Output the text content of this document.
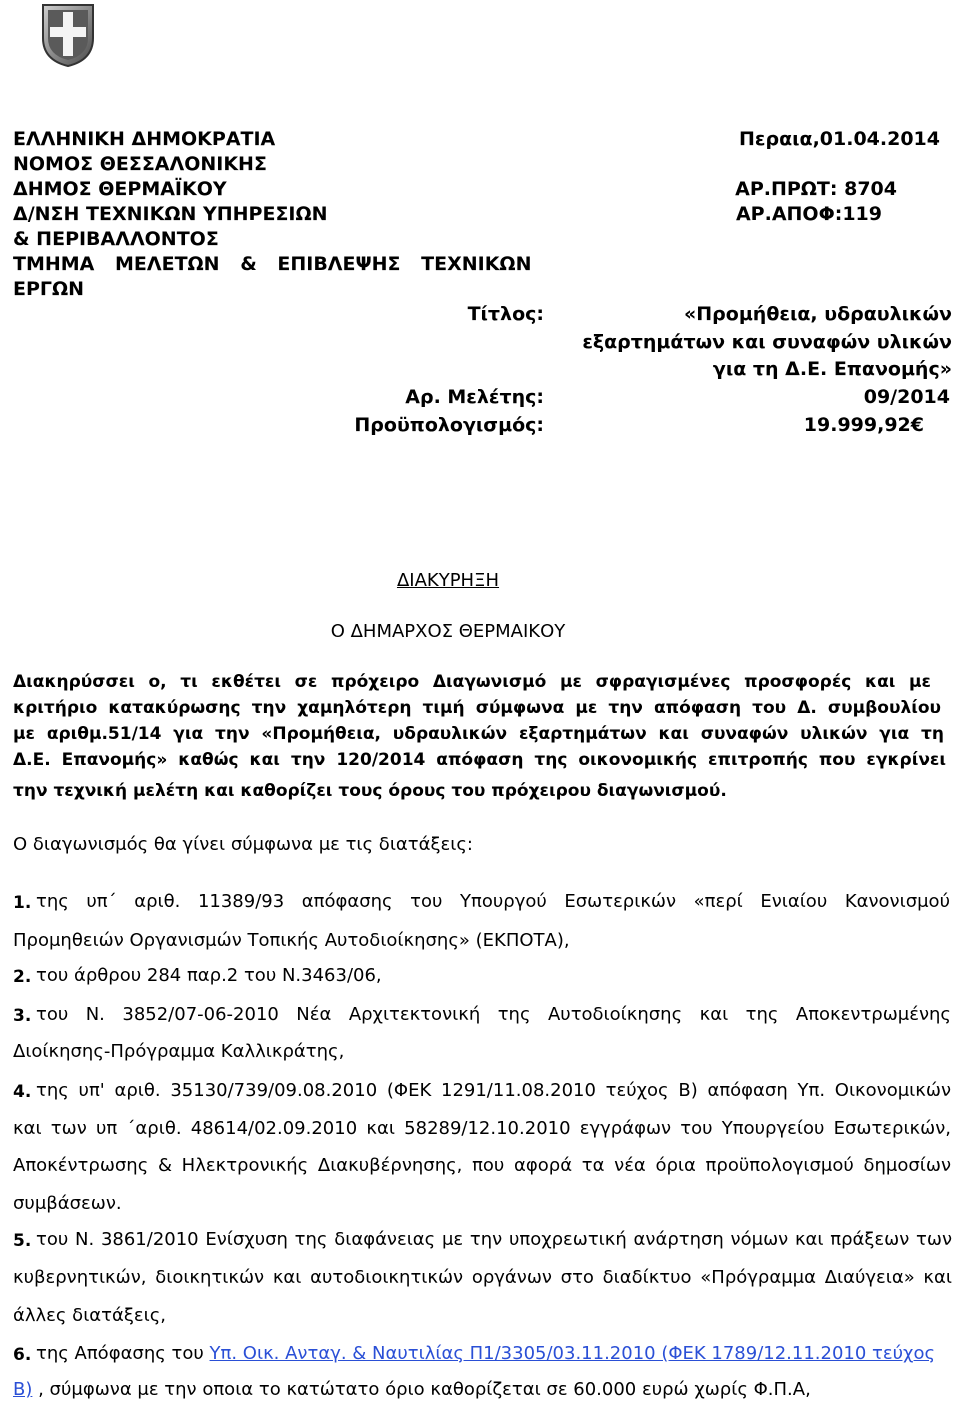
ΕΛΛΗΝΙΚΗ ΔΗΜΟΚΡΑΤΙΑ
ΝΟΜΟΣ ΘΕΣΣΑΛΟΝΙΚΗΣ
ΔΗΜΟΣ ΘΕΡΜΑΪΚΟΥ
Δ/ΝΣΗ ΤΕΧΝΙΚΩΝ ΥΠΗΡΕΣΙΩΝ
& ΠΕΡΙΒΑΛΛΟΝΤΟΣ
ΤΜΗΜΑ ΜΕΛΕΤΩΝ & ΕΠΙΒΛΕΨΗΣ ΤΕΧΝΙΚΩΝ
ΕΡΓΩΝ
Περαια,01.04.2014
ΑΡ.ΠΡΩΤ: 8704
ΑΡ.ΑΠΟΦ:119
Τίτλος:	«Προμήθεια, υδραυλικών
εξαρτημάτων και συναφών υλικών
για τη Δ.Ε. Επανομής»
Αρ. Μελέτης:	09/2014
Προϋπολογισμός:	19.999,92€
ΔΙΑΚΥΡΗΞΗ
Ο ΔΗΜΑΡΧΟΣ ΘΕΡΜΑΙΚΟΥ
Διακηρύσσει ο, τι εκθέτει σε πρόχειρο Διαγωνισμό με σφραγισμένες προσφορές και με
κριτήριο κατακύρωσης την χαμηλότερη τιμή σύμφωνα με την απόφαση του Δ. συμβουλίου
με αριθμ.51/14 για την «Προμήθεια, υδραυλικών εξαρτημάτων και συναφών υλικών για τη
Δ.Ε. Επανομής» καθώς και την 120/2014 απόφαση της οικονομικής επιτροπής που εγκρίνει
την τεχνική μελέτη και καθορίζει τους όρους του πρόχειρου διαγωνισμού.
Ο διαγωνισμός θα γίνει σύμφωνα με τις διατάξεις:
1. της υπ΄ αριθ. 11389/93 απόφασης του Υπουργού Εσωτερικών «περί Ενιαίου Κανονισμού
Προμηθειών Οργανισμών Τοπικής Αυτοδιοίκησης» (ΕΚΠΟΤΑ),
2. του άρθρου 284 παρ.2 του Ν.3463/06,
3. του Ν. 3852/07-06-2010 Νέα Αρχιτεκτονική της Αυτοδιοίκησης και της Αποκεντρωμένης
Διοίκησης-Πρόγραμμα Καλλικράτης,
4. της υπ' αριθ. 35130/739/09.08.2010 (ΦΕΚ 1291/11.08.2010 τεύχος Β) απόφαση Υπ. Οικονομικών
και των υπ ΄αριθ. 48614/02.09.2010 και 58289/12.10.2010 εγγράφων του Υπουργείου Εσωτερικών,
Αποκέντρωσης & Ηλεκτρονικής Διακυβέρνησης, που αφορά τα νέα όρια προϋπολογισμού δημοσίων
συμβάσεων.
5. του Ν. 3861/2010 Ενίσχυση της διαφάνειας με την υποχρεωτική ανάρτηση νόμων και πράξεων των
κυβερνητικών, διοικητικών και αυτοδιοικητικών οργάνων στο διαδίκτυο «Πρόγραμμα Διαύγεια» και
άλλες διατάξεις,
6. της Απόφασης του Υπ. Οικ. Ανταγ. & Ναυτιλίας Π1/3305/03.11.2010 (ΦΕΚ 1789/12.11.2010 τεύχος
Β) , σύμφωνα με την οποια το κατώτατο όριο καθορίζεται σε 60.000 ευρώ χωρίς Φ.Π.Α,
